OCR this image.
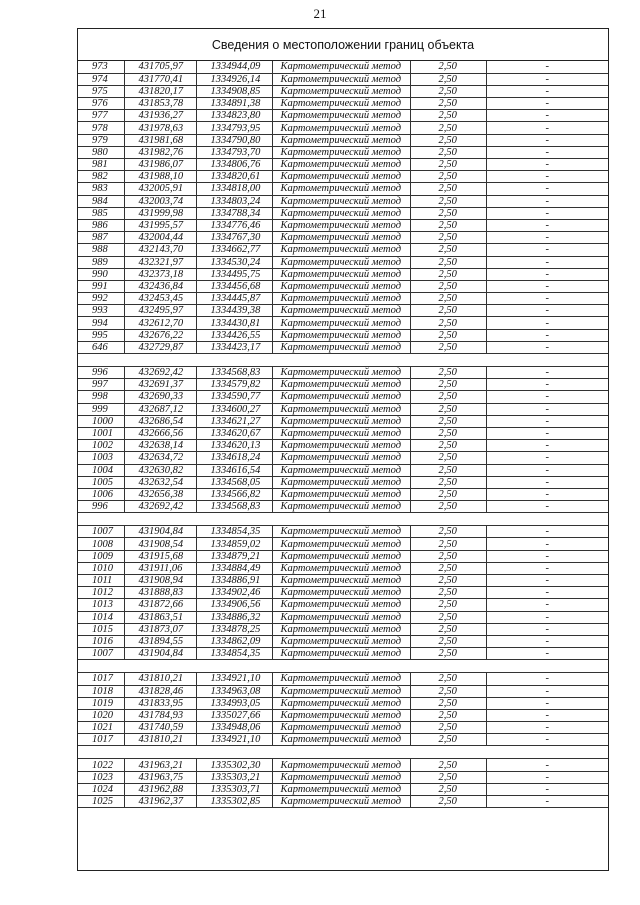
21
Сведения о местоположении границ объекта
973	431705,97	1334944,09	Картометрический метод	2,50	-
974	431770,41	1334926,14	Картометрический метод	2,50	-
975	431820,17	1334908,85	Картометрический метод	2,50	-
976	431853,78	1334891,38	Картометрический метод	2,50	-
977	431936,27	1334823,80	Картометрический метод	2,50	-
978	431978,63	1334793,95	Картометрический метод	2,50	-
979	431981,68	1334790,80	Картометрический метод	2,50	-
980	431982,76	1334793,70	Картометрический метод	2,50	-
981	431986,07	1334806,76	Картометрический метод	2,50	-
982	431988,10	1334820,61	Картометрический метод	2,50	-
983	432005,91	1334818,00	Картометрический метод	2,50	-
984	432003,74	1334803,24	Картометрический метод	2,50	-
985	431999,98	1334788,34	Картометрический метод	2,50	-
986	431995,57	1334776,46	Картометрический метод	2,50	-
987	432004,44	1334767,30	Картометрический метод	2,50	-
988	432143,70	1334662,77	Картометрический метод	2,50	-
989	432321,97	1334530,24	Картометрический метод	2,50	-
990	432373,18	1334495,75	Картометрический метод	2,50	-
991	432436,84	1334456,68	Картометрический метод	2,50	-
992	432453,45	1334445,87	Картометрический метод	2,50	-
993	432495,97	1334439,38	Картометрический метод	2,50	-
994	432612,70	1334430,81	Картометрический метод	2,50	-
995	432676,22	1334426,55	Картометрический метод	2,50	-
646	432729,87	1334423,17	Картометрический метод	2,50	-

996	432692,42	1334568,83	Картометрический метод	2,50	-
997	432691,37	1334579,82	Картометрический метод	2,50	-
998	432690,33	1334590,77	Картометрический метод	2,50	-
999	432687,12	1334600,27	Картометрический метод	2,50	-
1000	432686,54	1334621,27	Картометрический метод	2,50	-
1001	432666,56	1334620,67	Картометрический метод	2,50	-
1002	432638,14	1334620,13	Картометрический метод	2,50	-
1003	432634,72	1334618,24	Картометрический метод	2,50	-
1004	432630,82	1334616,54	Картометрический метод	2,50	-
1005	432632,54	1334568,05	Картометрический метод	2,50	-
1006	432656,38	1334566,82	Картометрический метод	2,50	-
996	432692,42	1334568,83	Картометрический метод	2,50	-

1007	431904,84	1334854,35	Картометрический метод	2,50	-
1008	431908,54	1334859,02	Картометрический метод	2,50	-
1009	431915,68	1334879,21	Картометрический метод	2,50	-
1010	431911,06	1334884,49	Картометрический метод	2,50	-
1011	431908,94	1334886,91	Картометрический метод	2,50	-
1012	431888,83	1334902,46	Картометрический метод	2,50	-
1013	431872,66	1334906,56	Картометрический метод	2,50	-
1014	431863,51	1334886,32	Картометрический метод	2,50	-
1015	431873,07	1334878,25	Картометрический метод	2,50	-
1016	431894,55	1334862,09	Картометрический метод	2,50	-
1007	431904,84	1334854,35	Картометрический метод	2,50	-

1017	431810,21	1334921,10	Картометрический метод	2,50	-
1018	431828,46	1334963,08	Картометрический метод	2,50	-
1019	431833,95	1334993,05	Картометрический метод	2,50	-
1020	431784,93	1335027,66	Картометрический метод	2,50	-
1021	431740,59	1334948,06	Картометрический метод	2,50	-
1017	431810,21	1334921,10	Картометрический метод	2,50	-

1022	431963,21	1335302,30	Картометрический метод	2,50	-
1023	431963,75	1335303,21	Картометрический метод	2,50	-
1024	431962,88	1335303,71	Картометрический метод	2,50	-
1025	431962,37	1335302,85	Картометрический метод	2,50	-
